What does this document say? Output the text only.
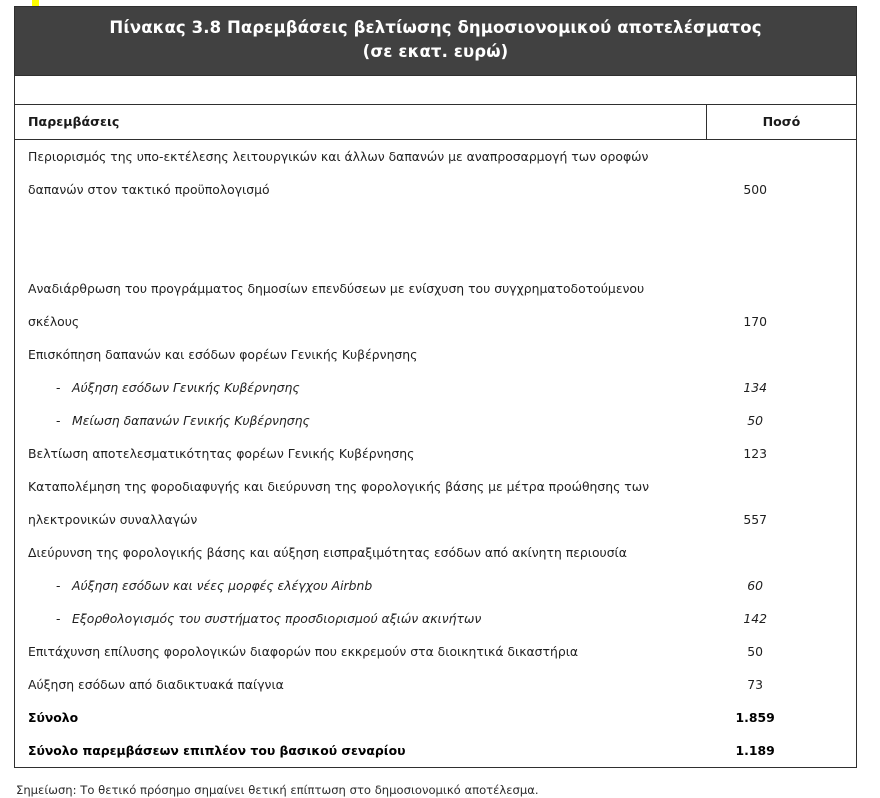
Πίνακας 3.8 Παρεμβάσεις βελτίωσης δημοσιονομικού αποτελέσματος
(σε εκατ. ευρώ)	

Παρεμβάσεις	Ποσό
Περιορισμός της υπο-εκτέλεσης λειτουργικών και άλλων δαπανών με αναπροσαρμογή των οροφών	
δαπανών στον τακτικό προϋπολογισμό	500

Αναδιάρθρωση του προγράμματος δημοσίων επενδύσεων με ενίσχυση του συγχρηματοδοτούμενου	
σκέλους	170
Επισκόπηση δαπανών και εσόδων φορέων Γενικής Κυβέρνησης	
- Αύξηση εσόδων Γενικής Κυβέρνησης	134
- Μείωση δαπανών Γενικής Κυβέρνησης	50
Βελτίωση αποτελεσματικότητας φορέων Γενικής Κυβέρνησης	123
Καταπολέμηση της φοροδιαφυγής και διεύρυνση της φορολογικής βάσης με μέτρα προώθησης των	
ηλεκτρονικών συναλλαγών	557
Διεύρυνση της φορολογικής βάσης και αύξηση εισπραξιμότητας εσόδων από ακίνητη περιουσία	
- Αύξηση εσόδων και νέες μορφές ελέγχου Airbnb	60
- Εξορθολογισμός του συστήματος προσδιορισμού αξιών ακινήτων	142
Επιτάχυνση επίλυσης φορολογικών διαφορών που εκκρεμούν στα διοικητικά δικαστήρια	50
Αύξηση εσόδων από διαδικτυακά παίγνια	73
Σύνολο	1.859
Σύνολο παρεμβάσεων επιπλέον του βασικού σεναρίου	1.189
Σημείωση: Το θετικό πρόσημο σημαίνει θετική επίπτωση στο δημοσιονομικό αποτέλεσμα.
